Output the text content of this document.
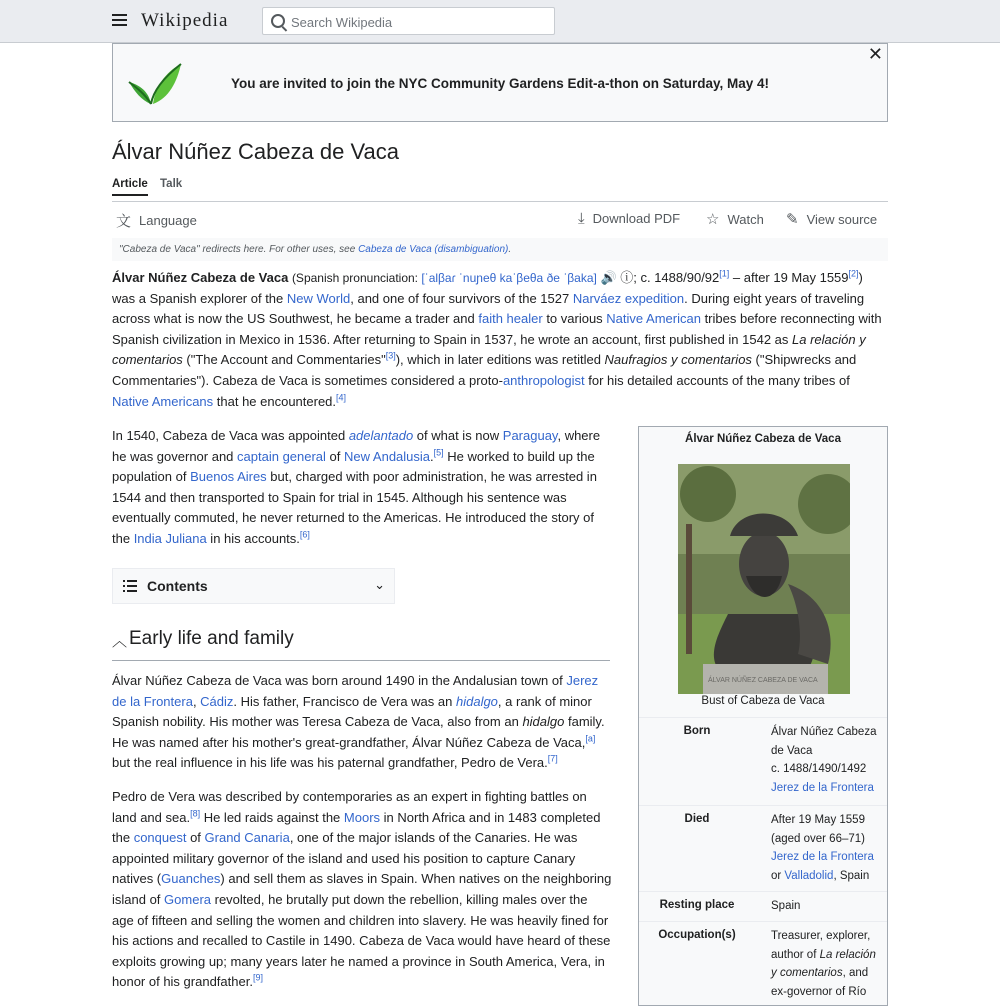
Wikipedia
Search Wikipedia
✕
You are invited to join the NYC Community Gardens Edit-a-thon on Saturday, May 4!
Álvar Núñez Cabeza de Vaca
Article Talk
文 Language	⤓ Download PDF ☆ Watch ✎ View source
"Cabeza de Vaca" redirects here. For other uses, see Cabeza de Vaca (disambiguation).
Álvar Núñez Cabeza de Vaca (Spanish pronunciation: [ˈalβaɾ ˈnuɲeθ kaˈβeθa ðe ˈβaka] 🔊 ⓘ; c. 1488/90/92[1] – after 19 May 1559[2]) was a Spanish explorer of the New World, and one of four survivors of the 1527 Narváez expedition. During eight years of traveling across what is now the US Southwest, he became a trader and faith healer to various Native American tribes before reconnecting with Spanish civilization in Mexico in 1536. After returning to Spain in 1537, he wrote an account, first published in 1542 as La relación y comentarios ("The Account and Commentaries"[3]), which in later editions was retitled Naufragios y comentarios ("Shipwrecks and Commentaries"). Cabeza de Vaca is sometimes considered a proto-anthropologist for his detailed accounts of the many tribes of Native Americans that he encountered.[4]
In 1540, Cabeza de Vaca was appointed adelantado of what is now Paraguay, where he was governor and captain general of New Andalusia.[5] He worked to build up the population of Buenos Aires but, charged with poor administration, he was arrested in 1544 and then transported to Spain for trial in 1545. Although his sentence was eventually commuted, he never returned to the Americas. He introduced the story of the India Juliana in his accounts.[6]
Contents	⌄
︿ Early life and family
Álvar Núñez Cabeza de Vaca was born around 1490 in the Andalusian town of Jerez de la Frontera, Cádiz. His father, Francisco de Vera was an hidalgo, a rank of minor Spanish nobility. His mother was Teresa Cabeza de Vaca, also from an hidalgo family. He was named after his mother's great-grandfather, Álvar Núñez Cabeza de Vaca,[a] but the real influence in his life was his paternal grandfather, Pedro de Vera.[7]
Pedro de Vera was described by contemporaries as an expert in fighting battles on land and sea.[8] He led raids against the Moors in North Africa and in 1483 completed the conquest of Grand Canaria, one of the major islands of the Canaries. He was appointed military governor of the island and used his position to capture Canary natives (Guanches) and sell them as slaves in Spain. When natives on the neighboring island of Gomera revolted, he brutally put down the rebellion, killing males over the age of fifteen and selling the women and children into slavery. He was heavily fined for his actions and recalled to Castile in 1490. Cabeza de Vaca would have heard of these exploits growing up; many years later he named a province in South America, Vera, in honor of his grandfather.[9]
Álvar Núñez Cabeza de Vaca
ÁLVAR NÚÑEZ CABEZA DE VACA
Bust of Cabeza de Vaca
Born	Álvar Núñez Cabeza de Vaca
c. 1488/1490/1492
Jerez de la Frontera
Died	After 19 May 1559 (aged over 66–71)
Jerez de la Frontera or Valladolid, Spain
Resting place	Spain
Occupation(s)	Treasurer, explorer, author of La relación y comentarios, and ex-governor of Río
